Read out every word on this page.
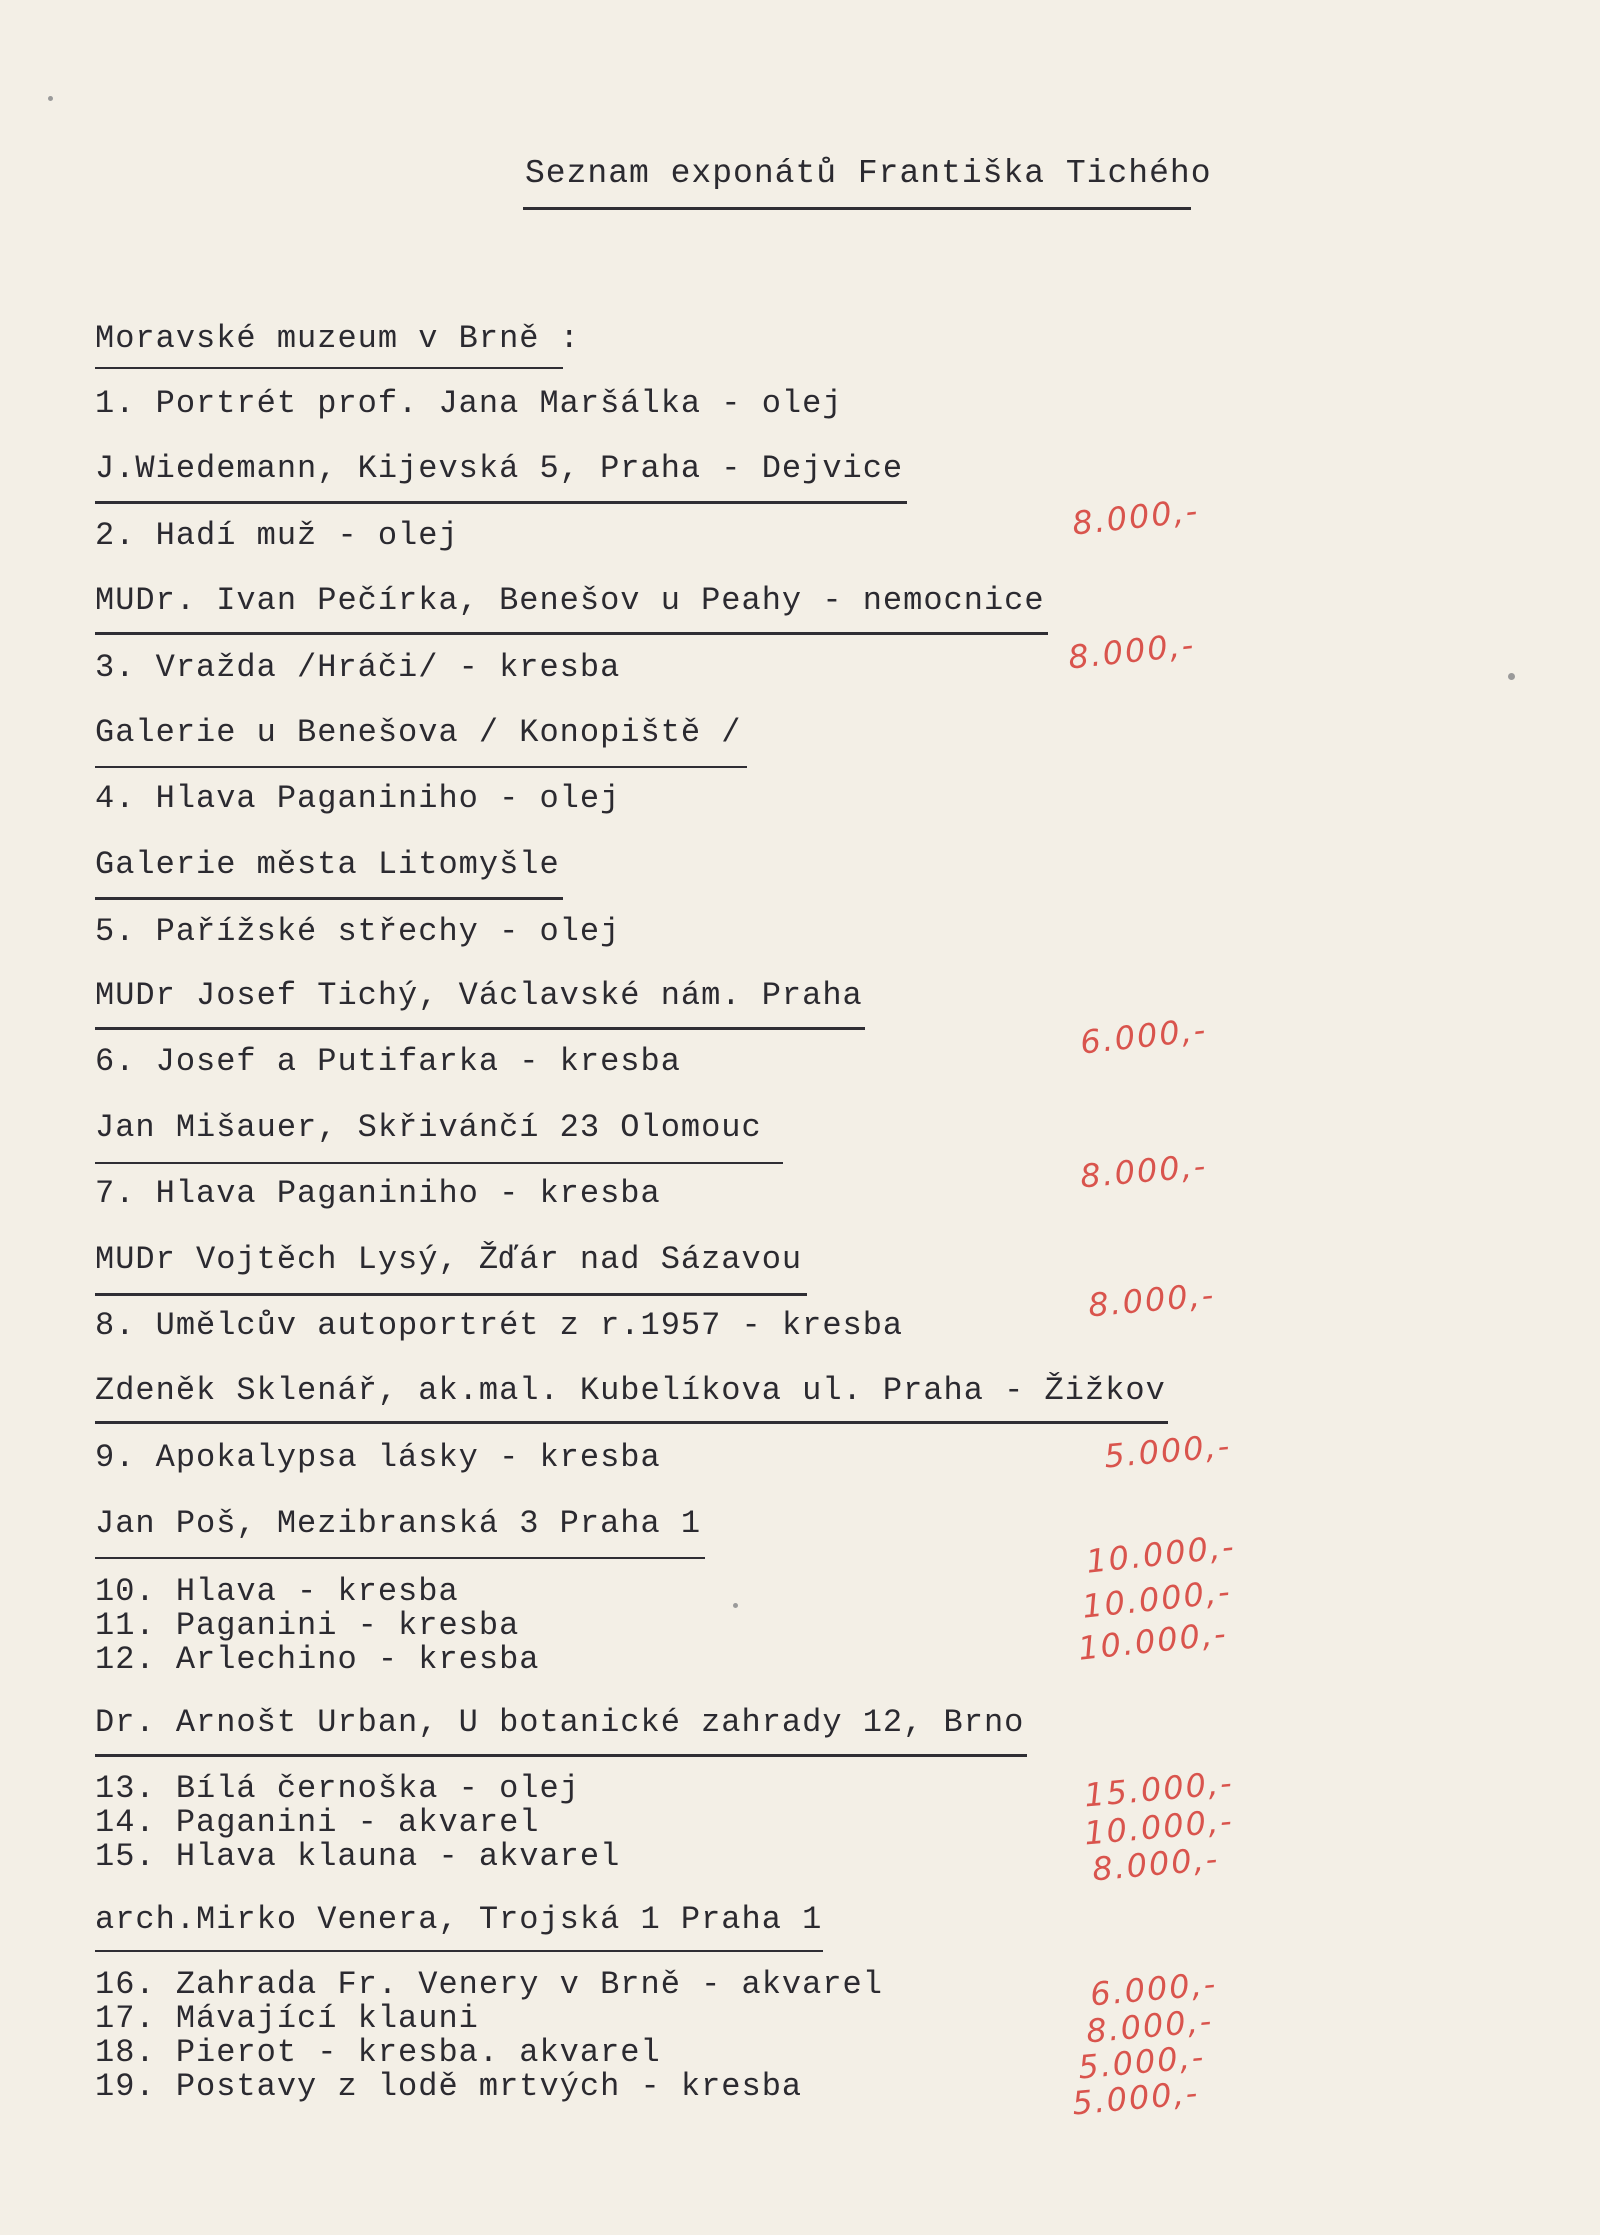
Seznam exponátů Františka Tichého
Moravské muzeum v Brně :
1. Portrét prof. Jana Maršálka - olej
J.Wiedemann, Kijevská 5, Praha - Dejvice
2. Hadí muž - olej
MUDr. Ivan Pečírka, Benešov u Peahy - nemocnice
3. Vražda /Hráči/ - kresba
Galerie u Benešova / Konopiště /
4. Hlava Paganiniho - olej
Galerie města Litomyšle
5. Pařížské střechy - olej
MUDr Josef Tichý, Václavské nám. Praha
6. Josef a Putifarka - kresba
Jan Mišauer, Skřivánčí 23 Olomouc
7. Hlava Paganiniho - kresba
MUDr Vojtěch Lysý, Žďár nad Sázavou
8. Umělcův autoportrét z r.1957 - kresba
Zdeněk Sklenář, ak.mal. Kubelíkova ul. Praha - Žižkov
9. Apokalypsa lásky - kresba
Jan Poš, Mezibranská 3 Praha 1
10. Hlava - kresba
11. Paganini - kresba
12. Arlechino - kresba
Dr. Arnošt Urban, U botanické zahrady 12, Brno
13. Bílá černoška - olej
14. Paganini - akvarel
15. Hlava klauna - akvarel
arch.Mirko Venera, Trojská 1 Praha 1
16. Zahrada Fr. Venery v Brně - akvarel
17. Mávající klauni
18. Pierot - kresba. akvarel
19. Postavy z lodě mrtvých - kresba
8.000,-
8.000,-
6.000,-
8.000,-
8.000,-
5.000,-
10.000,-
10.000,-
10.000,-
15.000,-
10.000,-
8.000,-
6.000,-
8.000,-
5.000,-
5.000,-
